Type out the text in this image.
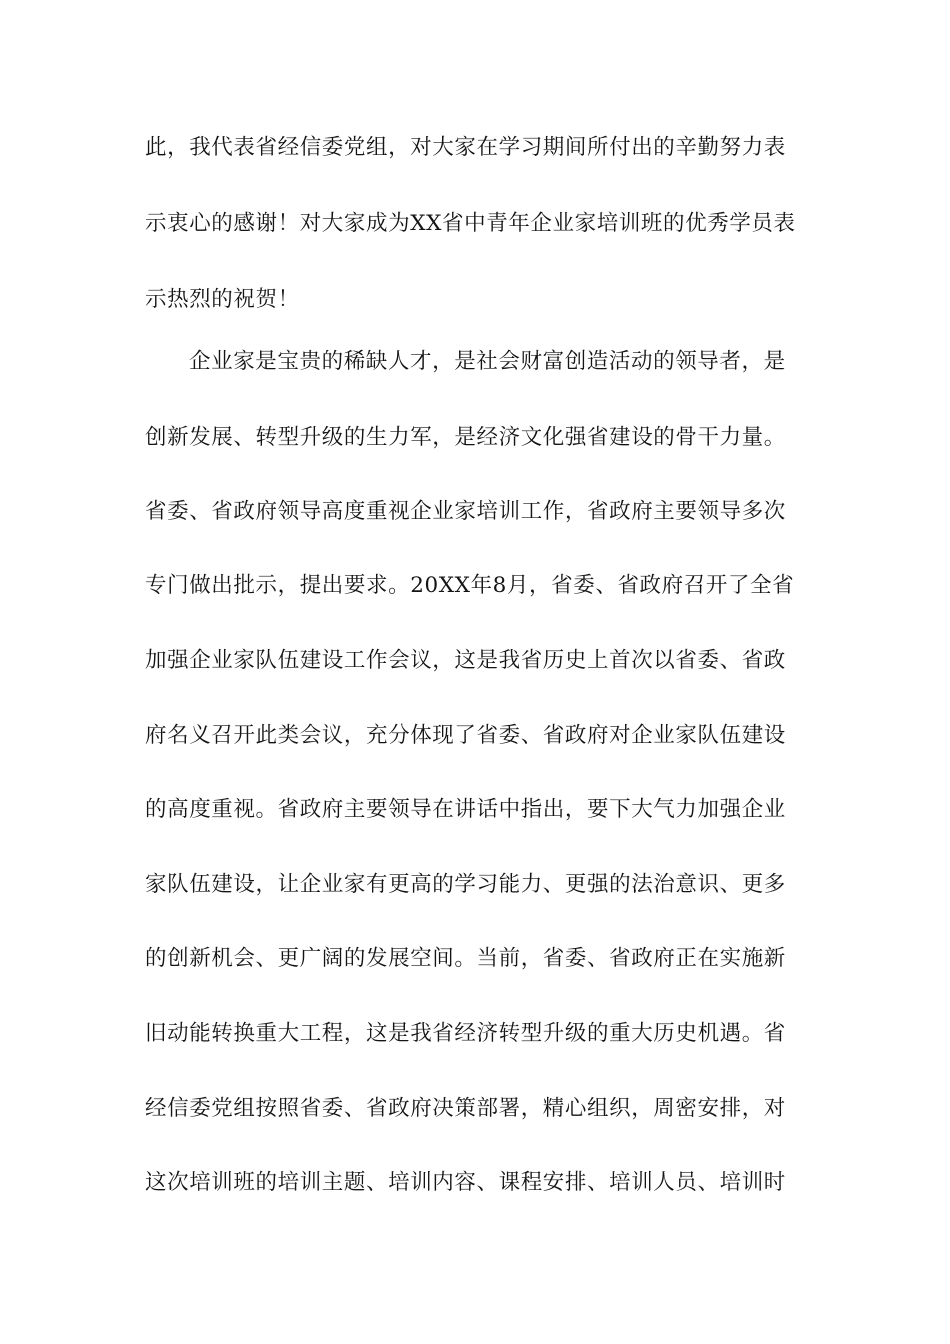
此，我代表省经信委党组，对大家在学习期间所付出的辛勤努力表
示衷心的感谢！对大家成为XX省中青年企业家培训班的优秀学员表
示热烈的祝贺！
企业家是宝贵的稀缺人才，是社会财富创造活动的领导者，是
创新发展、转型升级的生力军，是经济文化强省建设的骨干力量。
省委、省政府领导高度重视企业家培训工作，省政府主要领导多次
专门做出批示，提出要求。20XX年8月，省委、省政府召开了全省
加强企业家队伍建设工作会议，这是我省历史上首次以省委、省政
府名义召开此类会议，充分体现了省委、省政府对企业家队伍建设
的高度重视。省政府主要领导在讲话中指出，要下大气力加强企业
家队伍建设，让企业家有更高的学习能力、更强的法治意识、更多
的创新机会、更广阔的发展空间。当前，省委、省政府正在实施新
旧动能转换重大工程，这是我省经济转型升级的重大历史机遇。省
经信委党组按照省委、省政府决策部署，精心组织，周密安排，对
这次培训班的培训主题、培训内容、课程安排、培训人员、培训时
